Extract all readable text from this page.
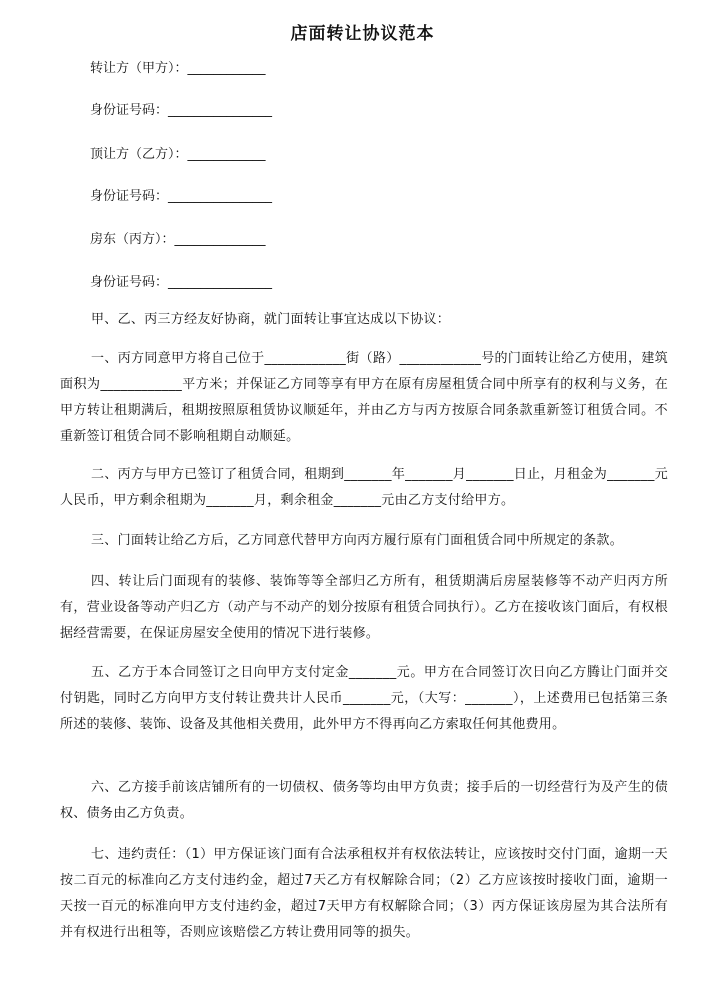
店面转让协议范本
转让方（甲方）：____________
身份证号码：________________
顶让方（乙方）：____________
身份证号码：________________
房东（丙方）：______________
身份证号码：________________

甲、乙、丙三方经友好协商，就门面转让事宜达成以下协议：

一、丙方同意甲方将自己位于____________街（路）____________号的门面转让给乙方使用，建筑面积为____________平方米；并保证乙方同等享有甲方在原有房屋租赁合同中所享有的权利与义务，在甲方转让租期满后，租期按照原租赁协议顺延年，并由乙方与丙方按原合同条款重新签订租赁合同。不重新签订租赁合同不影响租期自动顺延。

二、丙方与甲方已签订了租赁合同，租期到_______年_______月_______日止，月租金为_______元人民币，甲方剩余租期为_______月，剩余租金_______元由乙方支付给甲方。

三、门面转让给乙方后，乙方同意代替甲方向丙方履行原有门面租赁合同中所规定的条款。

四、转让后门面现有的装修、装饰等等全部归乙方所有，租赁期满后房屋装修等不动产归丙方所有，营业设备等动产归乙方（动产与不动产的划分按原有租赁合同执行）。乙方在接收该门面后，有权根据经营需要，在保证房屋安全使用的情况下进行装修。

五、乙方于本合同签订之日向甲方支付定金_______元。甲方在合同签订次日向乙方腾让门面并交付钥匙，同时乙方向甲方支付转让费共计人民币_______元，（大写：_______），上述费用已包括第三条所述的装修、装饰、设备及其他相关费用，此外甲方不得再向乙方索取任何其他费用。

六、乙方接手前该店铺所有的一切债权、债务等均由甲方负责；接手后的一切经营行为及产生的债权、债务由乙方负责。

七、违约责任：（1）甲方保证该门面有合法承租权并有权依法转让，应该按时交付门面，逾期一天按二百元的标准向乙方支付违约金，超过7天乙方有权解除合同；（2）乙方应该按时接收门面，逾期一天按一百元的标准向甲方支付违约金，超过7天甲方有权解除合同；（3）丙方保证该房屋为其合法所有并有权进行出租等，否则应该赔偿乙方转让费用同等的损失。
